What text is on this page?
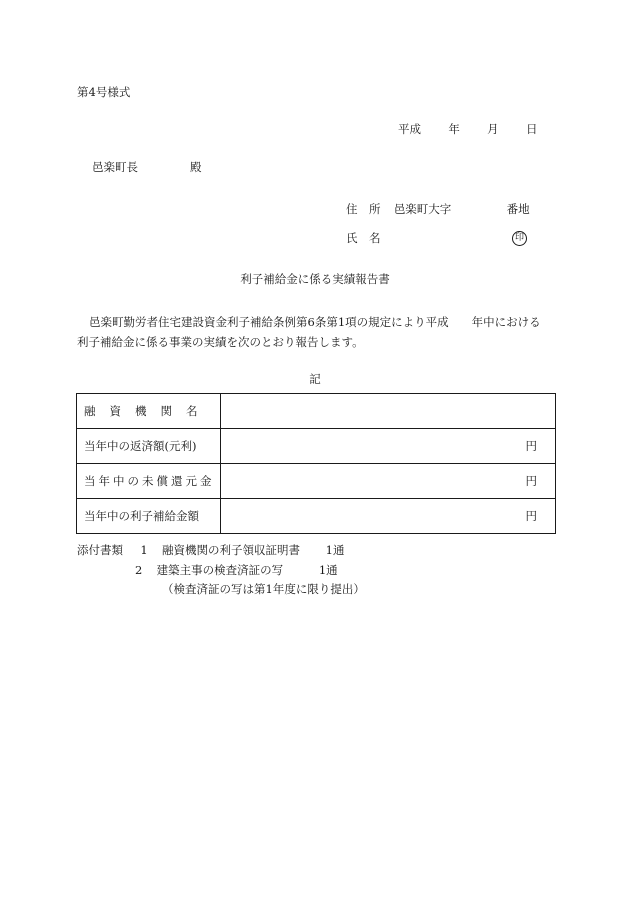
第4号様式
平成 年 月 日
邑楽町長	殿
住　所 邑楽町大字	番地
氏　名	印
利子補給金に係る実績報告書
邑楽町勤労者住宅建設資金利子補給条例第6条第1項の規定により平成　　年中における
利子補給金に係る事業の実績を次のとおり報告します。
記
融資機関名	
当年中の返済額(元利)	円
当年中の未償還元金	円
当年中の利子補給金額	円
添付書類 1 融資機関の利子領収証明書 1通
2 建築主事の検査済証の写	1通
（検査済証の写は第1年度に限り提出）
